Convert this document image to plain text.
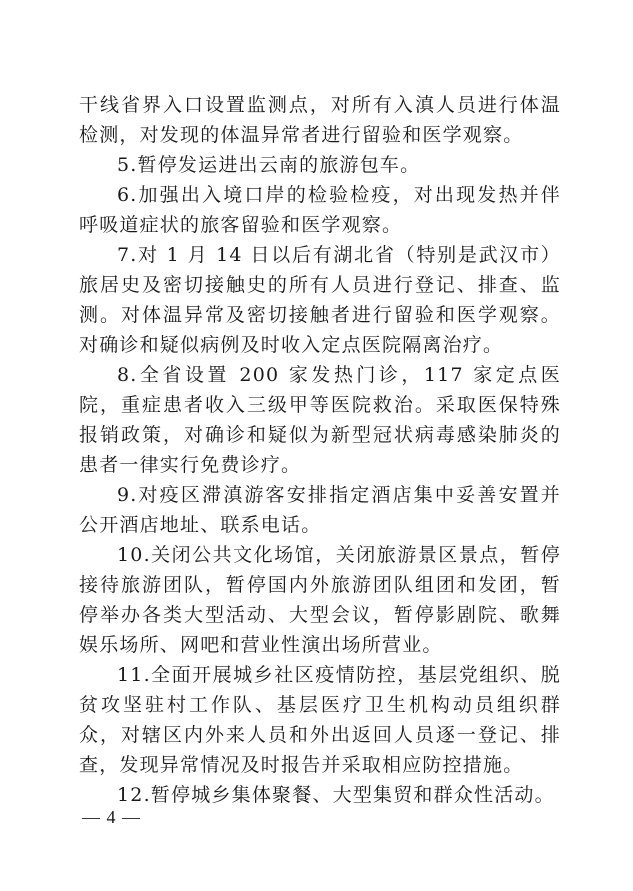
干线省界入口设置监测点，对所有入滇人员进行体温检测，对发现的体温异常者进行留验和医学观察。

5.暂停发运进出云南的旅游包车。

6.加强出入境口岸的检验检疫，对出现发热并伴呼吸道症状的旅客留验和医学观察。

7.对 1 月 14 日以后有湖北省（特别是武汉市）旅居史及密切接触史的所有人员进行登记、排查、监测。对体温异常及密切接触者进行留验和医学观察。对确诊和疑似病例及时收入定点医院隔离治疗。

8.全省设置 200 家发热门诊，117 家定点医院，重症患者收入三级甲等医院救治。采取医保特殊报销政策，对确诊和疑似为新型冠状病毒感染肺炎的患者一律实行免费诊疗。

9.对疫区滞滇游客安排指定酒店集中妥善安置并公开酒店地址、联系电话。

10.关闭公共文化场馆，关闭旅游景区景点，暂停接待旅游团队，暂停国内外旅游团队组团和发团，暂停举办各类大型活动、大型会议，暂停影剧院、歌舞娱乐场所、网吧和营业性演出场所营业。

11.全面开展城乡社区疫情防控，基层党组织、脱贫攻坚驻村工作队、基层医疗卫生机构动员组织群众，对辖区内外来人员和外出返回人员逐一登记、排查，发现异常情况及时报告并采取相应防控措施。

12.暂停城乡集体聚餐、大型集贸和群众性活动。

— 4 —
